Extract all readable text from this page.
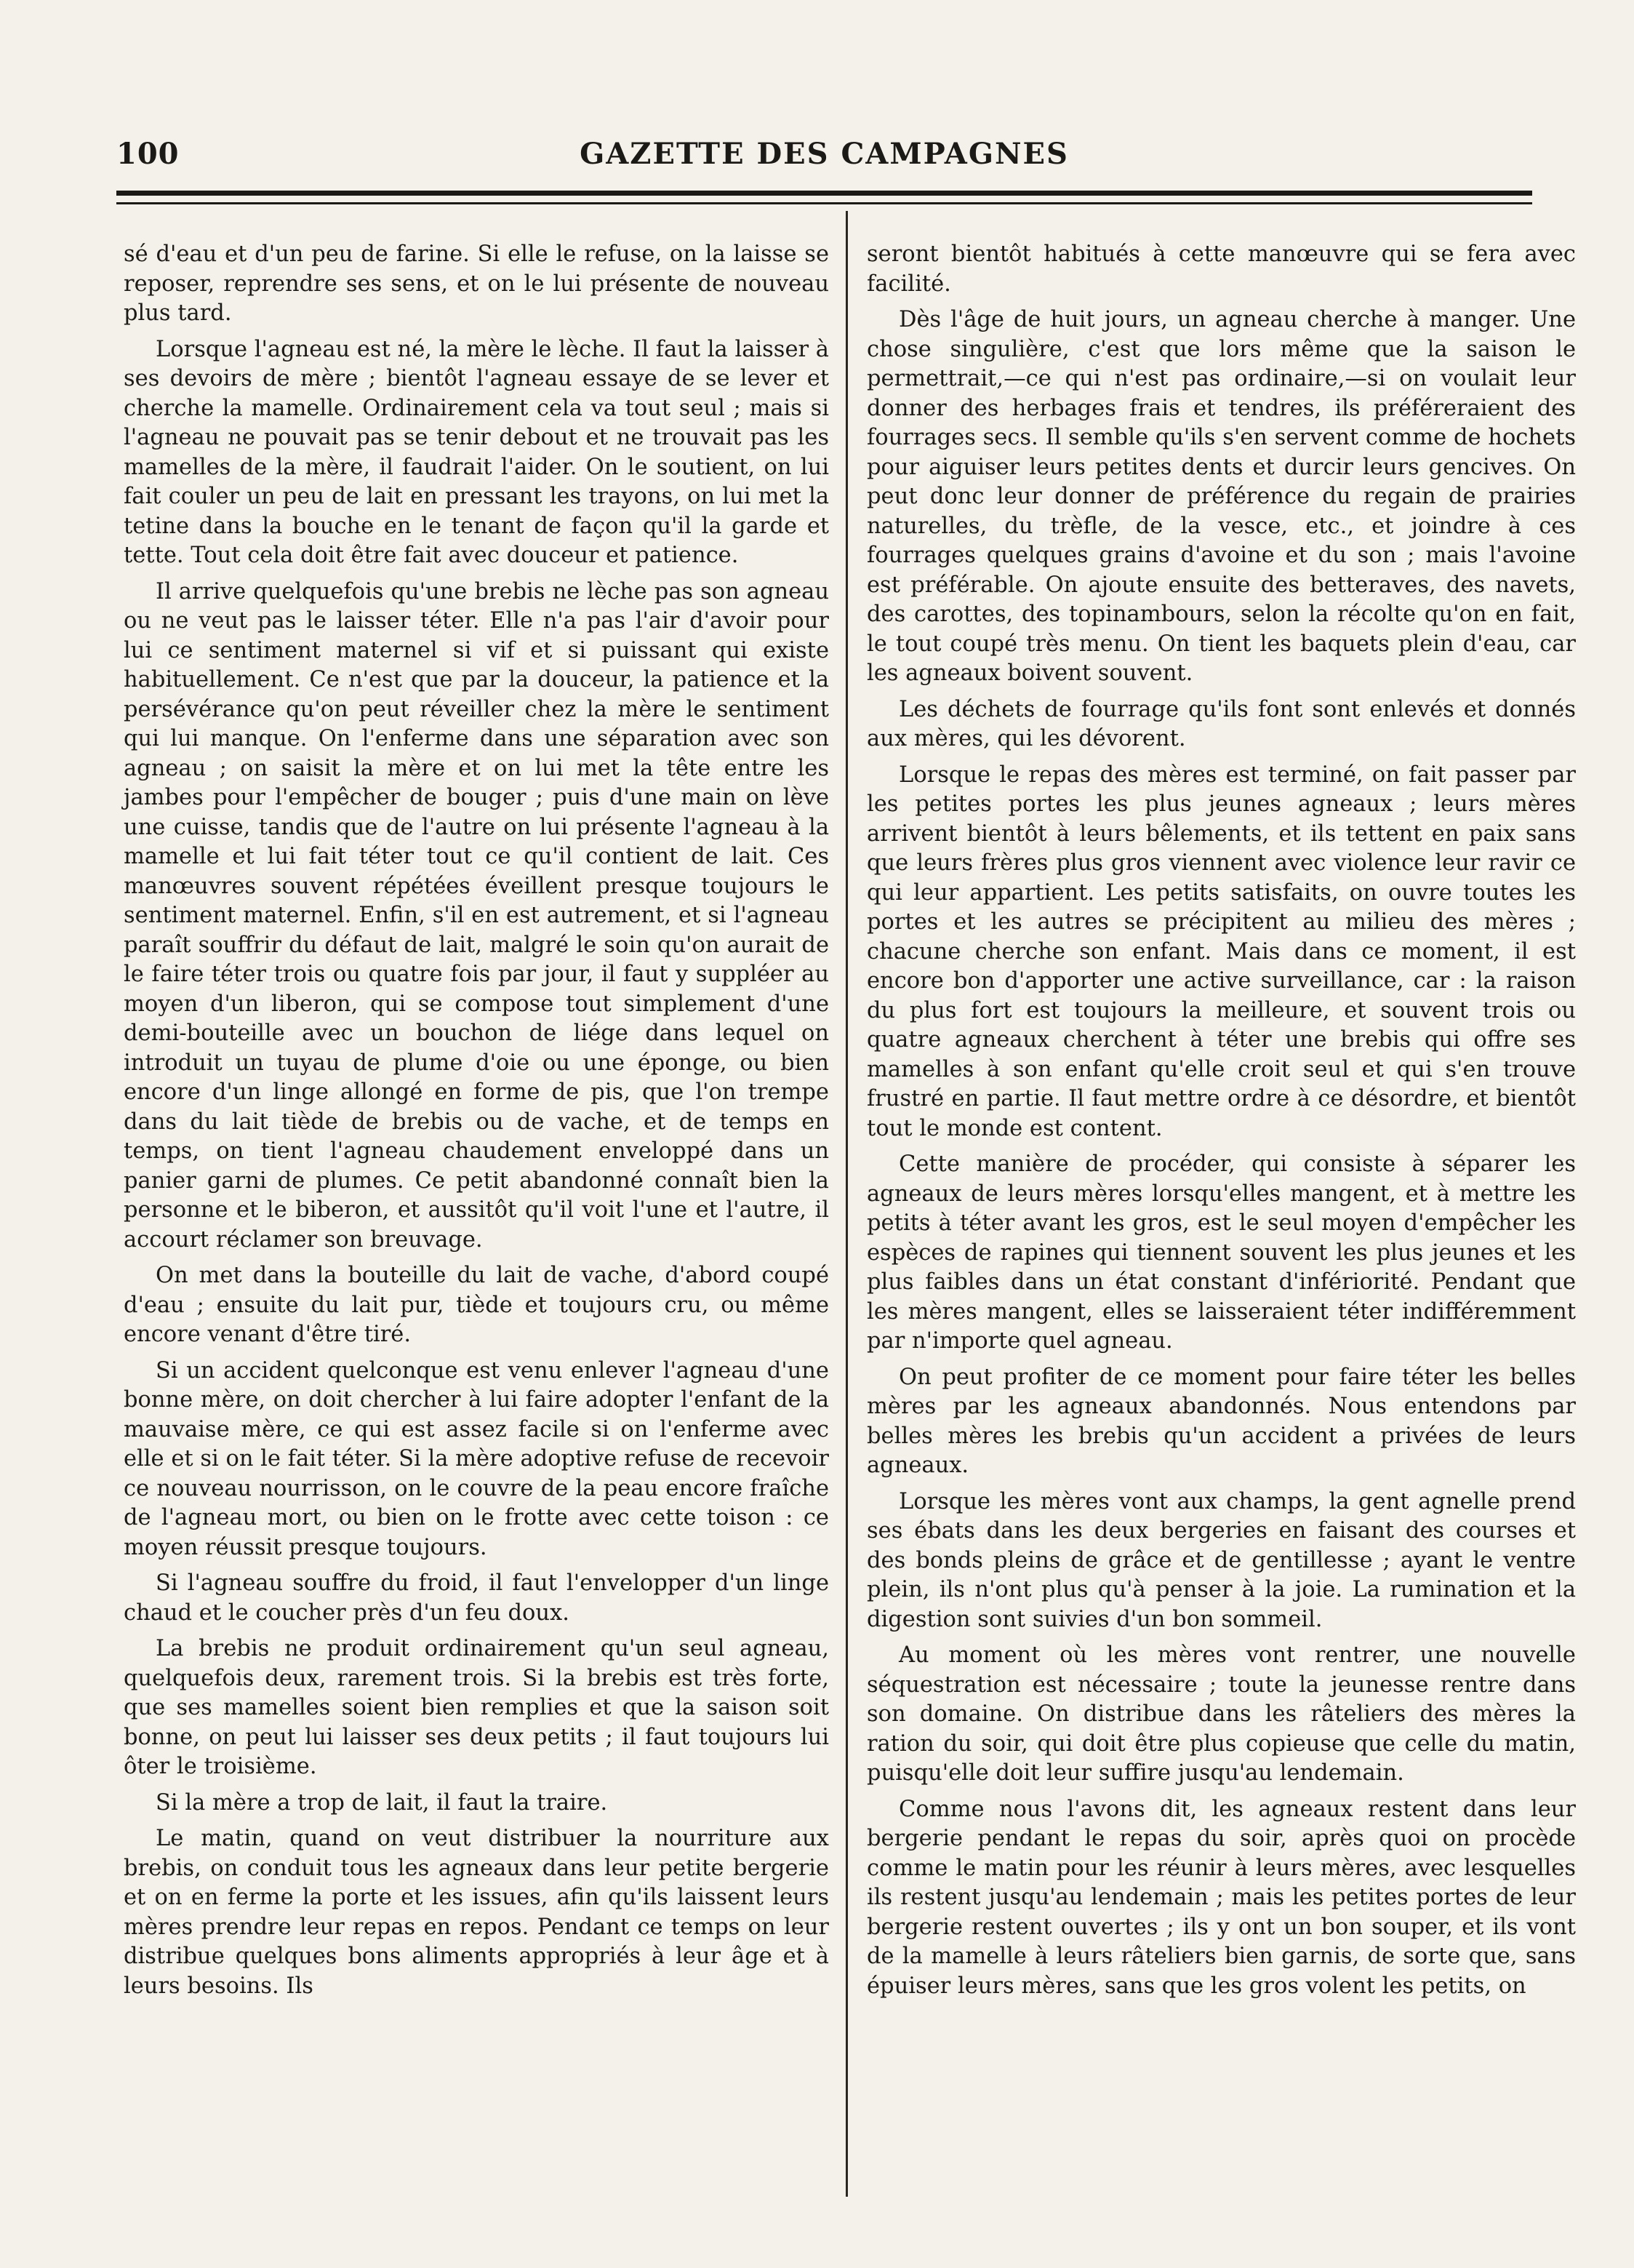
100	GAZETTE DES CAMPAGNES

sé d'eau et d'un peu de farine. Si elle le refuse, on la laisse se reposer, reprendre ses sens, et on le lui présente de nouveau plus tard.

Lorsque l'agneau est né, la mère le lèche. Il faut la laisser à ses devoirs de mère ; bientôt l'agneau essaye de se lever et cherche la mamelle. Ordinairement cela va tout seul ; mais si l'agneau ne pouvait pas se tenir debout et ne trouvait pas les mamelles de la mère, il faudrait l'aider. On le soutient, on lui fait couler un peu de lait en pressant les trayons, on lui met la tetine dans la bouche en le tenant de façon qu'il la garde et tette. Tout cela doit être fait avec douceur et patience.

Il arrive quelquefois qu'une brebis ne lèche pas son agneau ou ne veut pas le laisser téter. Elle n'a pas l'air d'avoir pour lui ce sentiment maternel si vif et si puissant qui existe habituellement. Ce n'est que par la douceur, la patience et la persévérance qu'on peut réveiller chez la mère le sentiment qui lui manque. On l'enferme dans une séparation avec son agneau ; on saisit la mère et on lui met la tête entre les jambes pour l'empêcher de bouger ; puis d'une main on lève une cuisse, tandis que de l'autre on lui présente l'agneau à la mamelle et lui fait téter tout ce qu'il contient de lait. Ces manœuvres souvent répétées éveillent presque toujours le sentiment maternel. Enfin, s'il en est autrement, et si l'agneau paraît souffrir du défaut de lait, malgré le soin qu'on aurait de le faire téter trois ou quatre fois par jour, il faut y suppléer au moyen d'un liberon, qui se compose tout simplement d'une demi-bouteille avec un bouchon de liége dans lequel on introduit un tuyau de plume d'oie ou une éponge, ou bien encore d'un linge allongé en forme de pis, que l'on trempe dans du lait tiède de brebis ou de vache, et de temps en temps, on tient l'agneau chaudement enveloppé dans un panier garni de plumes. Ce petit abandonné connaît bien la personne et le biberon, et aussitôt qu'il voit l'une et l'autre, il accourt réclamer son breuvage.

On met dans la bouteille du lait de vache, d'abord coupé d'eau ; ensuite du lait pur, tiède et toujours cru, ou même encore venant d'être tiré.

Si un accident quelconque est venu enlever l'agneau d'une bonne mère, on doit chercher à lui faire adopter l'enfant de la mauvaise mère, ce qui est assez facile si on l'enferme avec elle et si on le fait téter. Si la mère adoptive refuse de recevoir ce nouveau nourrisson, on le couvre de la peau encore fraîche de l'agneau mort, ou bien on le frotte avec cette toison : ce moyen réussit presque toujours.

Si l'agneau souffre du froid, il faut l'envelopper d'un linge chaud et le coucher près d'un feu doux.

La brebis ne produit ordinairement qu'un seul agneau, quelquefois deux, rarement trois. Si la brebis est très forte, que ses mamelles soient bien remplies et que la saison soit bonne, on peut lui laisser ses deux petits ; il faut toujours lui ôter le troisième.

Si la mère a trop de lait, il faut la traire.

Le matin, quand on veut distribuer la nourriture aux brebis, on conduit tous les agneaux dans leur petite bergerie et on en ferme la porte et les issues, afin qu'ils laissent leurs mères prendre leur repas en repos. Pendant ce temps on leur distribue quelques bons aliments appropriés à leur âge et à leurs besoins. Ils

seront bientôt habitués à cette manœuvre qui se fera avec facilité.

Dès l'âge de huit jours, un agneau cherche à manger. Une chose singulière, c'est que lors même que la saison le permettrait,—ce qui n'est pas ordinaire,—si on voulait leur donner des herbages frais et tendres, ils préféreraient des fourrages secs. Il semble qu'ils s'en servent comme de hochets pour aiguiser leurs petites dents et durcir leurs gencives. On peut donc leur donner de préférence du regain de prairies naturelles, du trèfle, de la vesce, etc., et joindre à ces fourrages quelques grains d'avoine et du son ; mais l'avoine est préférable. On ajoute ensuite des betteraves, des navets, des carottes, des topinambours, selon la récolte qu'on en fait, le tout coupé très menu. On tient les baquets plein d'eau, car les agneaux boivent souvent.

Les déchets de fourrage qu'ils font sont enlevés et donnés aux mères, qui les dévorent.

Lorsque le repas des mères est terminé, on fait passer par les petites portes les plus jeunes agneaux ; leurs mères arrivent bientôt à leurs bêlements, et ils tettent en paix sans que leurs frères plus gros viennent avec violence leur ravir ce qui leur appartient. Les petits satisfaits, on ouvre toutes les portes et les autres se précipitent au milieu des mères ; chacune cherche son enfant. Mais dans ce moment, il est encore bon d'apporter une active surveillance, car : la raison du plus fort est toujours la meilleure, et souvent trois ou quatre agneaux cherchent à téter une brebis qui offre ses mamelles à son enfant qu'elle croit seul et qui s'en trouve frustré en partie. Il faut mettre ordre à ce désordre, et bientôt tout le monde est content.

Cette manière de procéder, qui consiste à séparer les agneaux de leurs mères lorsqu'elles mangent, et à mettre les petits à téter avant les gros, est le seul moyen d'empêcher les espèces de rapines qui tiennent souvent les plus jeunes et les plus faibles dans un état constant d'infériorité. Pendant que les mères mangent, elles se laisseraient téter indifféremment par n'importe quel agneau.

On peut profiter de ce moment pour faire téter les belles mères par les agneaux abandonnés. Nous entendons par belles mères les brebis qu'un accident a privées de leurs agneaux.

Lorsque les mères vont aux champs, la gent agnelle prend ses ébats dans les deux bergeries en faisant des courses et des bonds pleins de grâce et de gentillesse ; ayant le ventre plein, ils n'ont plus qu'à penser à la joie. La rumination et la digestion sont suivies d'un bon sommeil.

Au moment où les mères vont rentrer, une nouvelle séquestration est nécessaire ; toute la jeunesse rentre dans son domaine. On distribue dans les râteliers des mères la ration du soir, qui doit être plus copieuse que celle du matin, puisqu'elle doit leur suffire jusqu'au lendemain.

Comme nous l'avons dit, les agneaux restent dans leur bergerie pendant le repas du soir, après quoi on procède comme le matin pour les réunir à leurs mères, avec lesquelles ils restent jusqu'au lendemain ; mais les petites portes de leur bergerie restent ouvertes ; ils y ont un bon souper, et ils vont de la mamelle à leurs râteliers bien garnis, de sorte que, sans épuiser leurs mères, sans que les gros volent les petits, on
